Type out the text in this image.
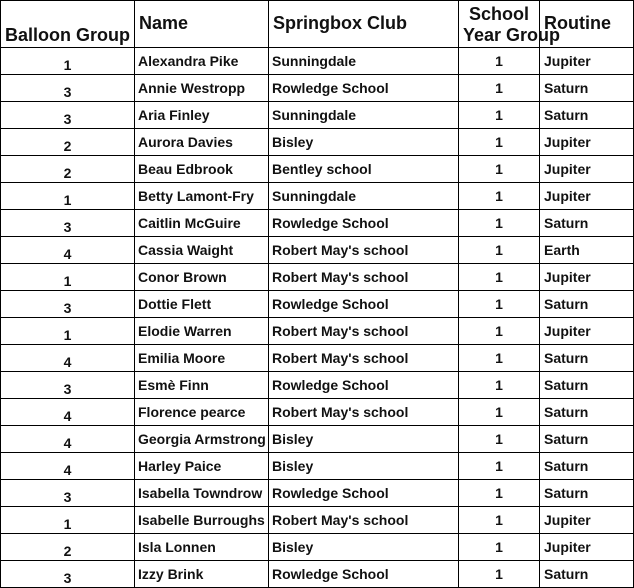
Balloon Group	Name	Springbox Club	School
Year Group	Routine
1	Alexandra Pike	Sunningdale	1	Jupiter
3	Annie Westropp	Rowledge School	1	Saturn
3	Aria Finley	Sunningdale	1	Saturn
2	Aurora Davies	Bisley	1	Jupiter
2	Beau Edbrook	Bentley school	1	Jupiter
1	Betty Lamont-Fry	Sunningdale	1	Jupiter
3	Caitlin McGuire	Rowledge School	1	Saturn
4	Cassia Waight	Robert May's school	1	Earth
1	Conor Brown	Robert May's school	1	Jupiter
3	Dottie Flett	Rowledge School	1	Saturn
1	Elodie Warren	Robert May's school	1	Jupiter
4	Emilia Moore	Robert May's school	1	Saturn
3	Esmè Finn	Rowledge School	1	Saturn
4	Florence pearce	Robert May's school	1	Saturn
4	Georgia Armstrong	Bisley	1	Saturn
4	Harley Paice	Bisley	1	Saturn
3	Isabella Towndrow	Rowledge School	1	Saturn
1	Isabelle Burroughs	Robert May's school	1	Jupiter
2	Isla Lonnen	Bisley	1	Jupiter
3	Izzy Brink	Rowledge School	1	Saturn
